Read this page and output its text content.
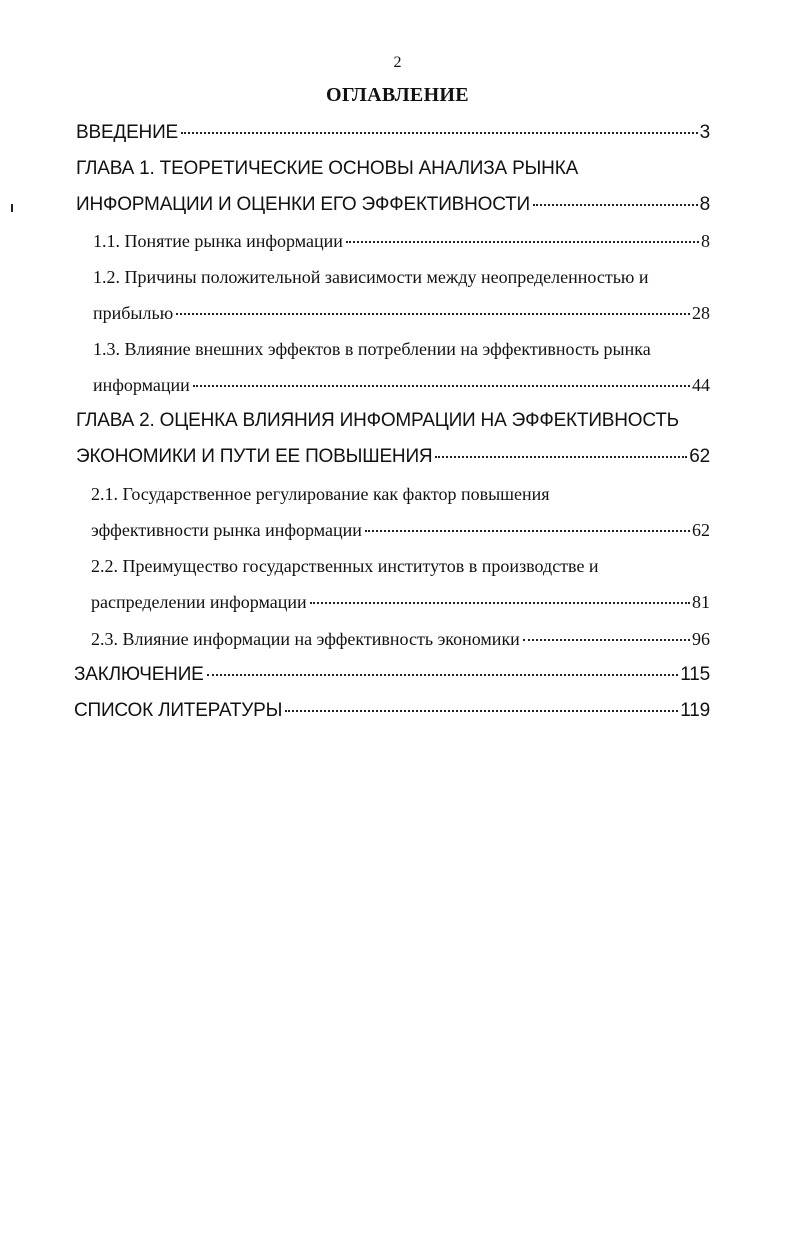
2
ОГЛАВЛЕНИЕ
ВВЕДЕНИЕ	3
ГЛАВА 1. ТЕОРЕТИЧЕСКИЕ ОСНОВЫ АНАЛИЗА РЫНКА
ИНФОРМАЦИИ И ОЦЕНКИ ЕГО ЭФФЕКТИВНОСТИ	8
1.1. Понятие рынка информации	8
1.2. Причины положительной зависимости между неопределенностью и
прибылью	28
1.3. Влияние внешних эффектов в потреблении на эффективность рынка
информации	44
ГЛАВА 2. ОЦЕНКА ВЛИЯНИЯ ИНФОМРАЦИИ НА ЭФФЕКТИВНОСТЬ
ЭКОНОМИКИ И ПУТИ ЕЕ ПОВЫШЕНИЯ	62
2.1. Государственное регулирование как фактор повышения
эффективности рынка информации	62
2.2. Преимущество государственных институтов в производстве и
распределении информации	81
2.3. Влияние информации на эффективность экономики	96
ЗАКЛЮЧЕНИЕ	115
СПИСОК ЛИТЕРАТУРЫ	119
